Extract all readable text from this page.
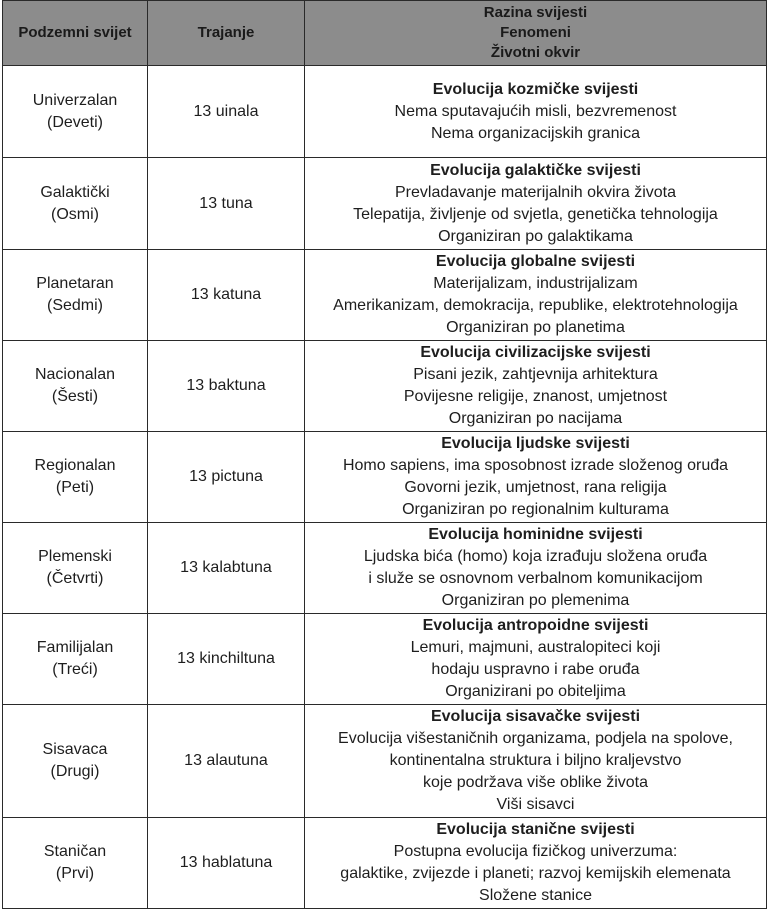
Podzemni svijet	Trajanje	Razina svijesti
Fenomeni
Životni okvir

Univerzalan
(Deveti)	13 uinala	Evolucija kozmičke svijesti
Nema sputavajućih misli, bezvremenost
Nema organizacijskih granica

Galaktički
(Osmi)	13 tuna	Evolucija galaktičke svijesti
Prevladavanje materijalnih okvira života
Telepatija, življenje od svjetla, genetička tehnologija
Organiziran po galaktikama

Planetaran
(Sedmi)	13 katuna	Evolucija globalne svijesti
Materijalizam, industrijalizam
Amerikanizam, demokracija, republike, elektrotehnologija
Organiziran po planetima

Nacionalan
(Šesti)	13 baktuna	Evolucija civilizacijske svijesti
Pisani jezik, zahtjevnija arhitektura
Povijesne religije, znanost, umjetnost
Organiziran po nacijama

Regionalan
(Peti)	13 pictuna	Evolucija ljudske svijesti
Homo sapiens, ima sposobnost izrade složenog oruđa
Govorni jezik, umjetnost, rana religija
Organiziran po regionalnim kulturama

Plemenski
(Četvrti)	13 kalabtuna	Evolucija hominidne svijesti
Ljudska bića (homo) koja izrađuju složena oruđa
i služe se osnovnom verbalnom komunikacijom
Organiziran po plemenima

Familijalan
(Treći)	13 kinchiltuna	Evolucija antropoidne svijesti
Lemuri, majmuni, australopiteci koji
hodaju uspravno i rabe oruđa
Organizirani po obiteljima

Sisavaca
(Drugi)	13 alautuna	Evolucija sisavačke svijesti
Evolucija višestaničnih organizama, podjela na spolove,
kontinentalna struktura i biljno kraljevstvo
koje podržava više oblike života
Viši sisavci

Staničan
(Prvi)	13 hablatuna	Evolucija stanične svijesti
Postupna evolucija fizičkog univerzuma:
galaktike, zvijezde i planeti; razvoj kemijskih elemenata
Složene stanice
